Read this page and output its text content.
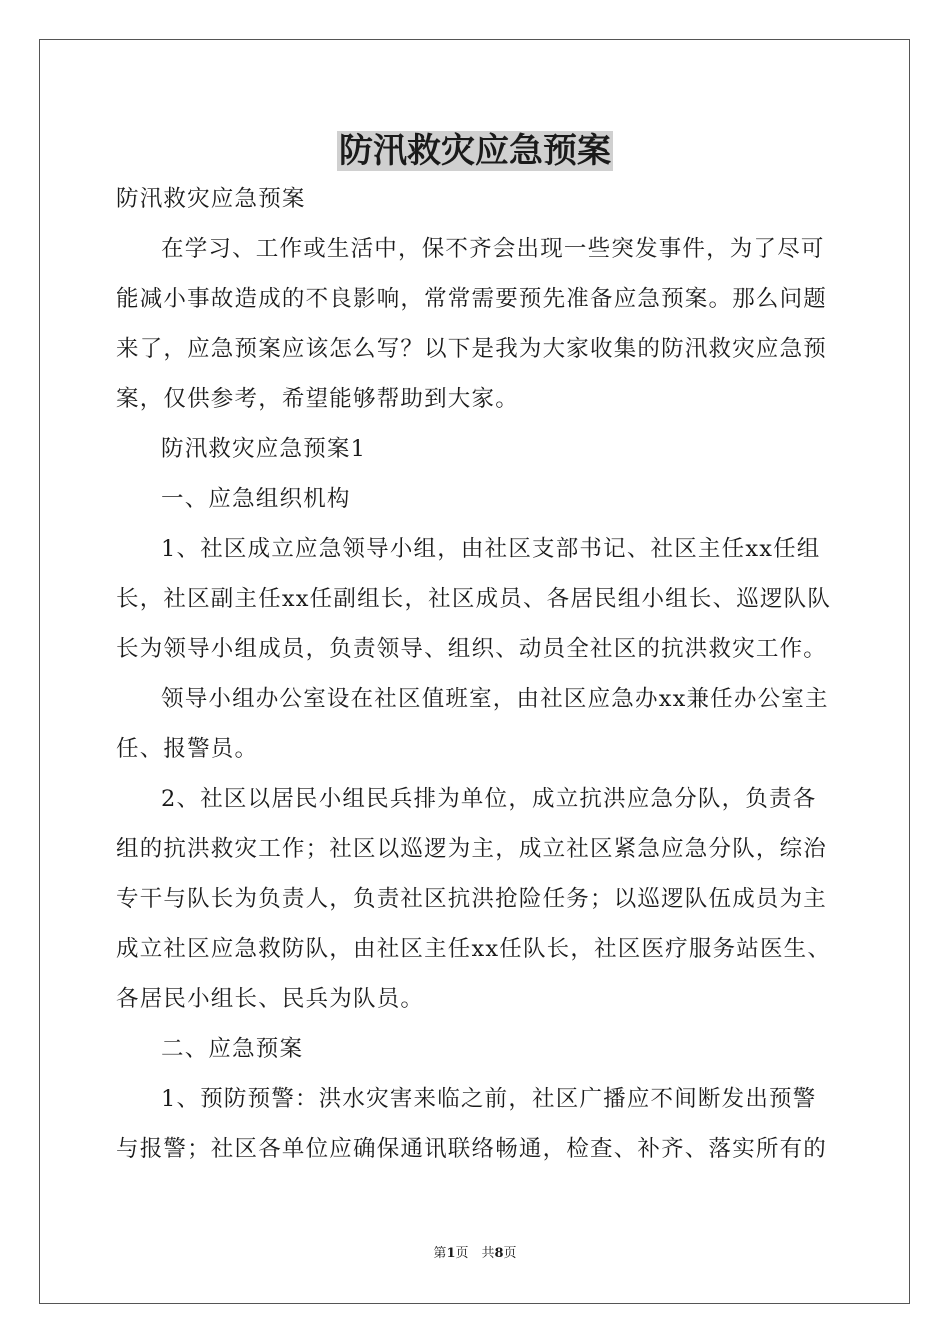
防汛救灾应急预案

防汛救灾应急预案

在学习、工作或生活中，保不齐会出现一些突发事件，为了尽可能减小事故造成的不良影响，常常需要预先准备应急预案。那么问题来了，应急预案应该怎么写？以下是我为大家收集的防汛救灾应急预案，仅供参考，希望能够帮助到大家。

防汛救灾应急预案1

一、应急组织机构

1、社区成立应急领导小组，由社区支部书记、社区主任xx任组长，社区副主任xx任副组长，社区成员、各居民组小组长、巡逻队队长为领导小组成员，负责领导、组织、动员全社区的抗洪救灾工作。

领导小组办公室设在社区值班室，由社区应急办xx兼任办公室主任、报警员。

2、社区以居民小组民兵排为单位，成立抗洪应急分队，负责各组的抗洪救灾工作；社区以巡逻为主，成立社区紧急应急分队，综治专干与队长为负责人，负责社区抗洪抢险任务；以巡逻队伍成员为主成立社区应急救防队，由社区主任xx任队长，社区医疗服务站医生、各居民小组长、民兵为队员。

二、应急预案

1、预防预警：洪水灾害来临之前，社区广播应不间断发出预警与报警；社区各单位应确保通讯联络畅通，检查、补齐、落实所有的

第1页　共8页
